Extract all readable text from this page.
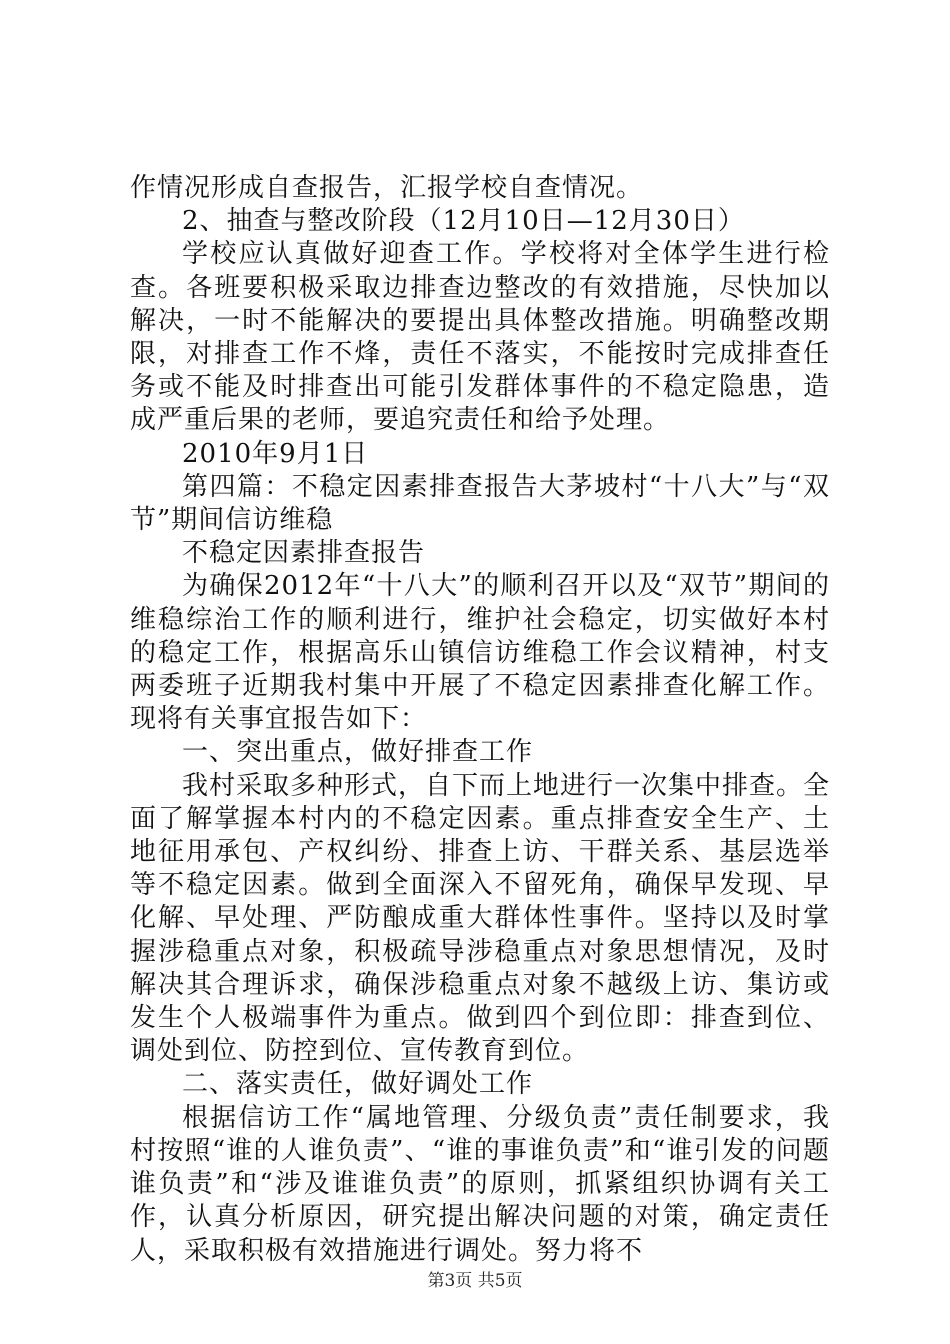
作情况形成自查报告，汇报学校自查情况。

2、抽查与整改阶段（12月10日—12月30日）

学校应认真做好迎查工作。学校将对全体学生进行检查。各班要积极采取边排查边整改的有效措施，尽快加以解决，一时不能解决的要提出具体整改措施。明确整改期限，对排查工作不烽，责任不落实，不能按时完成排查任务或不能及时排查出可能引发群体事件的不稳定隐患，造成严重后果的老师，要追究责任和给予处理。

2010年9月1日

第四篇：不稳定因素排查报告大茅坡村“十八大”与“双节”期间信访维稳

不稳定因素排查报告

为确保2012年“十八大”的顺利召开以及“双节”期间的维稳综治工作的顺利进行，维护社会稳定，切实做好本村的稳定工作，根据高乐山镇信访维稳工作会议精神，村支两委班子近期我村集中开展了不稳定因素排查化解工作。现将有关事宜报告如下：

一、突出重点，做好排查工作

我村采取多种形式，自下而上地进行一次集中排查。全面了解掌握本村内的不稳定因素。重点排查安全生产、土地征用承包、产权纠纷、排查上访、干群关系、基层选举等不稳定因素。做到全面深入不留死角，确保早发现、早化解、早处理、严防酿成重大群体性事件。坚持以及时掌握涉稳重点对象，积极疏导涉稳重点对象思想情况，及时解决其合理诉求，确保涉稳重点对象不越级上访、集访或发生个人极端事件为重点。做到四个到位即：排查到位、调处到位、防控到位、宣传教育到位。

二、落实责任，做好调处工作

根据信访工作“属地管理、分级负责”责任制要求，我村按照“谁的人谁负责”、“谁的事谁负责”和“谁引发的问题谁负责”和“涉及谁谁负责”的原则，抓紧组织协调有关工作，认真分析原因，研究提出解决问题的对策，确定责任人，采取积极有效措施进行调处。努力将不

第3页 共5页
